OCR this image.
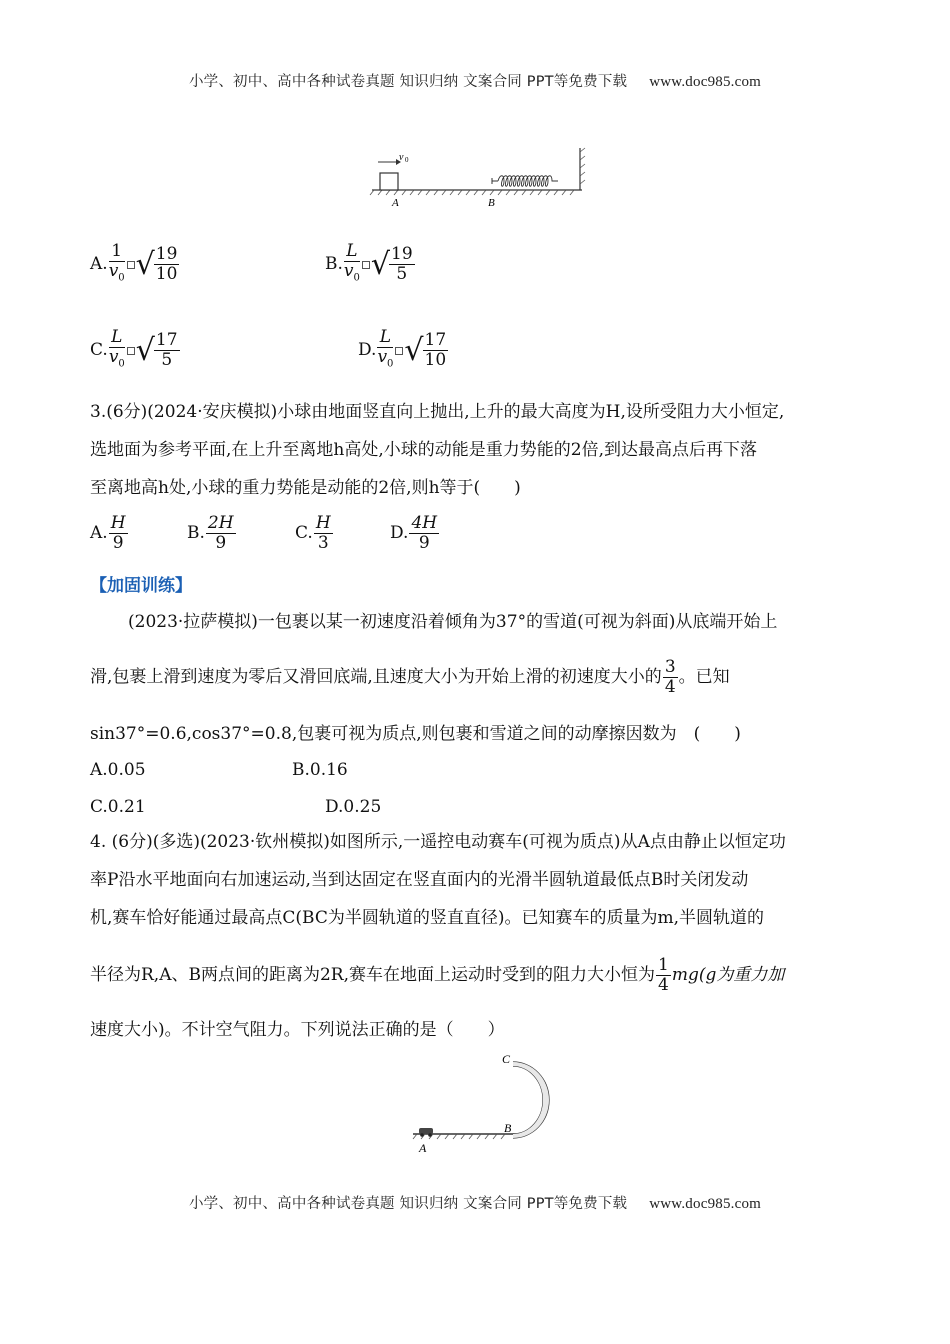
小学、初中、高中各种试卷真题 知识归纳 文案合同 PPT等免费下载 www.doc985.com
v 0
A	B
A. $\frac{1}{v_0}$ √ $\frac{19}{10}$	B. $\frac{L}{v_0}$ √ $\frac{19}{5}$
C. $\frac{L}{v_0}$ √ $\frac{17}{5}$	D. $\frac{L}{v_0}$ √ $\frac{17}{10}$
3.(6分)(2024·安庆模拟)小球由地面竖直向上抛出,上升的最大高度为H,设所受阻力大小恒定,
选地面为参考平面,在上升至离地h高处,小球的动能是重力势能的2倍,到达最高点后再下落
至离地高h处,小球的重力势能是动能的2倍,则h等于(　　)
A. $\frac{H}{9}$	B. $\frac{2H}{9}$	C. $\frac{H}{3}$	D. $\frac{4H}{9}$
【加固训练】
(2023·拉萨模拟)一包裹以某一初速度沿着倾角为37°的雪道(可视为斜面)从底端开始上
滑,包裹上滑到速度为零后又滑回底端,且速度大小为开始上滑的初速度大小的 $\frac{3}{4}$ 。已知
sin37°=0.6,cos37°=0.8,包裹可视为质点,则包裹和雪道之间的动摩擦因数为　(　　)
A.0.05	B.0.16
C.0.21	D.0.25
4. (6分)(多选)(2023·钦州模拟)如图所示,一遥控电动赛车(可视为质点)从A点由静止以恒定功
率P沿水平地面向右加速运动,当到达固定在竖直面内的光滑半圆轨道最低点B时关闭发动
机,赛车恰好能通过最高点C(BC为半圆轨道的竖直直径)。已知赛车的质量为m,半圆轨道的
半径为R,A、B两点间的距离为2R,赛车在地面上运动时受到的阻力大小恒为 $\frac{1}{4} mg(g$为重力加
速度大小)。不计空气阻力。下列说法正确的是（　　）
A
B
C
小学、初中、高中各种试卷真题 知识归纳 文案合同 PPT等免费下载 www.doc985.com
